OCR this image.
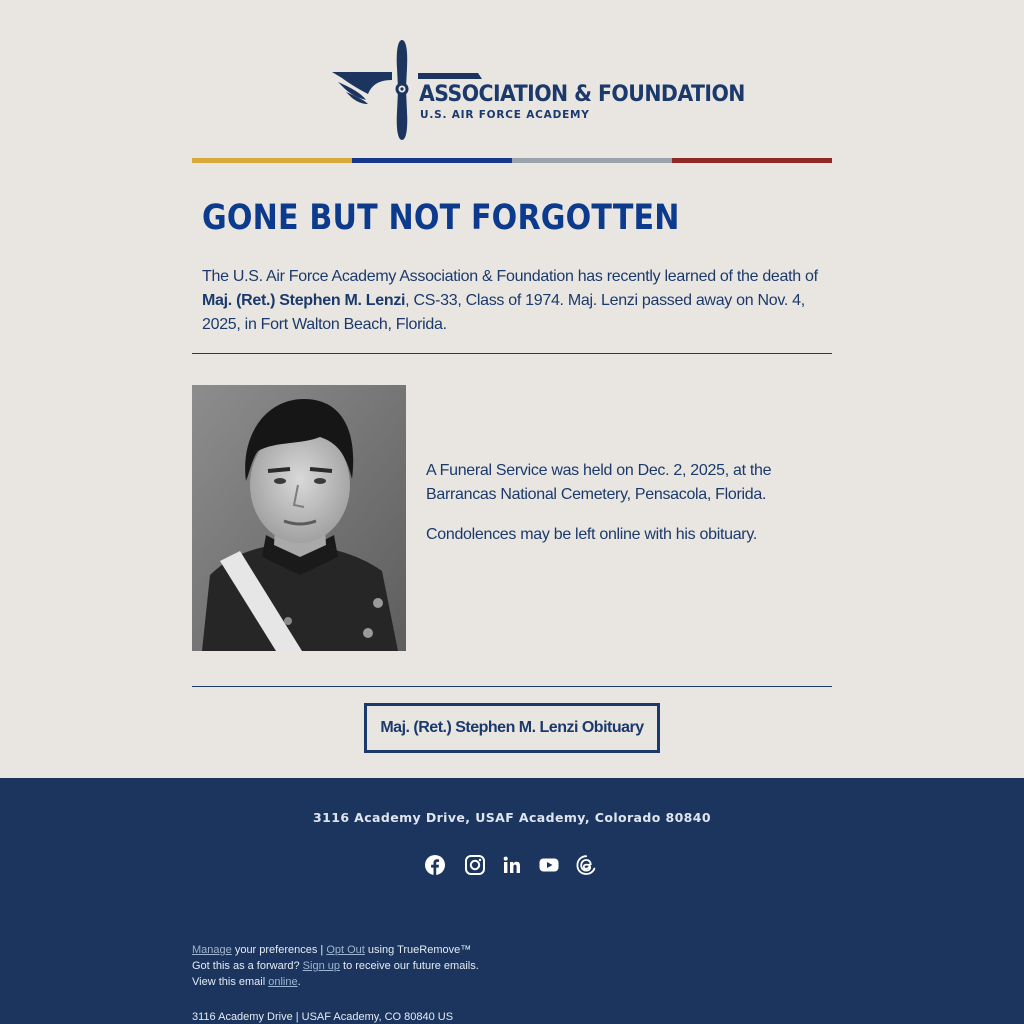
ASSOCIATION & FOUNDATION
U.S. AIR FORCE ACADEMY
GONE BUT NOT FORGOTTEN

The U.S. Air Force Academy Association & Foundation has recently learned of the death of Maj. (Ret.) Stephen M. Lenzi, CS-33, Class of 1974. Maj. Lenzi passed away on Nov. 4, 2025, in Fort Walton Beach, Florida.

A Funeral Service was held on Dec. 2, 2025, at the Barrancas National Cemetery, Pensacola, Florida.

Condolences may be left online with his obituary.

Maj. (Ret.) Stephen M. Lenzi Obituary
3116 Academy Drive, USAF Academy, Colorado 80840
Manage your preferences | Opt Out using TrueRemove™
Got this as a forward? Sign up to receive our future emails.
View this email online.
3116 Academy Drive | USAF Academy, CO 80840 US
